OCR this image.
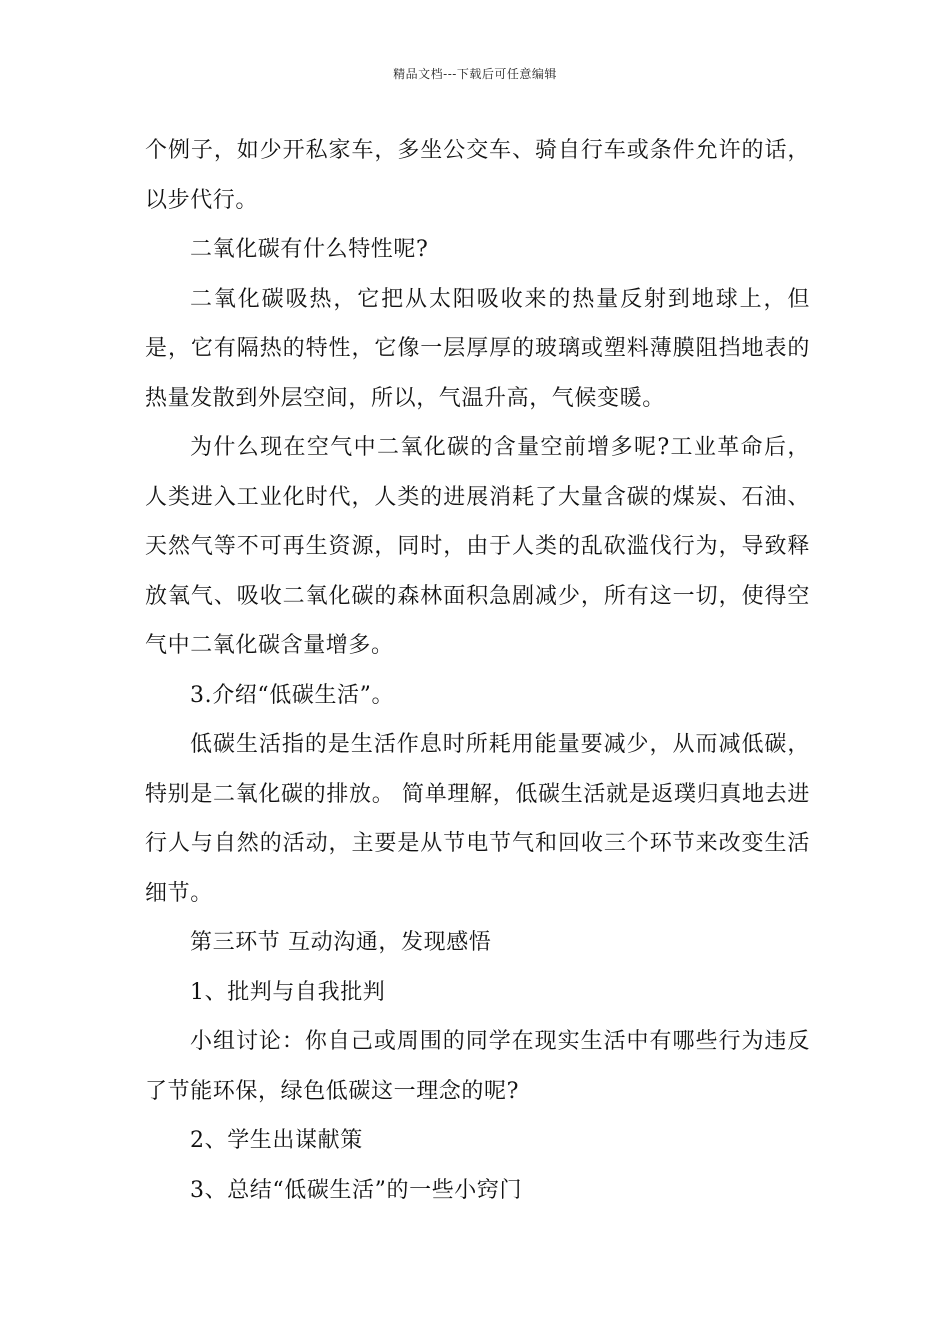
精品文档---下载后可任意编辑

个例子，如少开私家车，多坐公交车、骑自行车或条件允许的话，以步代行。

二氧化碳有什么特性呢?

二氧化碳吸热，它把从太阳吸收来的热量反射到地球上，但是，它有隔热的特性，它像一层厚厚的玻璃或塑料薄膜阻挡地表的热量发散到外层空间，所以，气温升高，气候变暖。

为什么现在空气中二氧化碳的含量空前增多呢?工业革命后，人类进入工业化时代，人类的进展消耗了大量含碳的煤炭、石油、天然气等不可再生资源，同时，由于人类的乱砍滥伐行为，导致释放氧气、吸收二氧化碳的森林面积急剧减少，所有这一切，使得空气中二氧化碳含量增多。

3.介绍“低碳生活”。

低碳生活指的是生活作息时所耗用能量要减少，从而减低碳，特别是二氧化碳的排放。 简单理解，低碳生活就是返璞归真地去进行人与自然的活动，主要是从节电节气和回收三个环节来改变生活细节。

第三环节 互动沟通，发现感悟

1、批判与自我批判

小组讨论：你自己或周围的同学在现实生活中有哪些行为违反了节能环保，绿色低碳这一理念的呢?

2、学生出谋献策

3、总结“低碳生活”的一些小窍门
